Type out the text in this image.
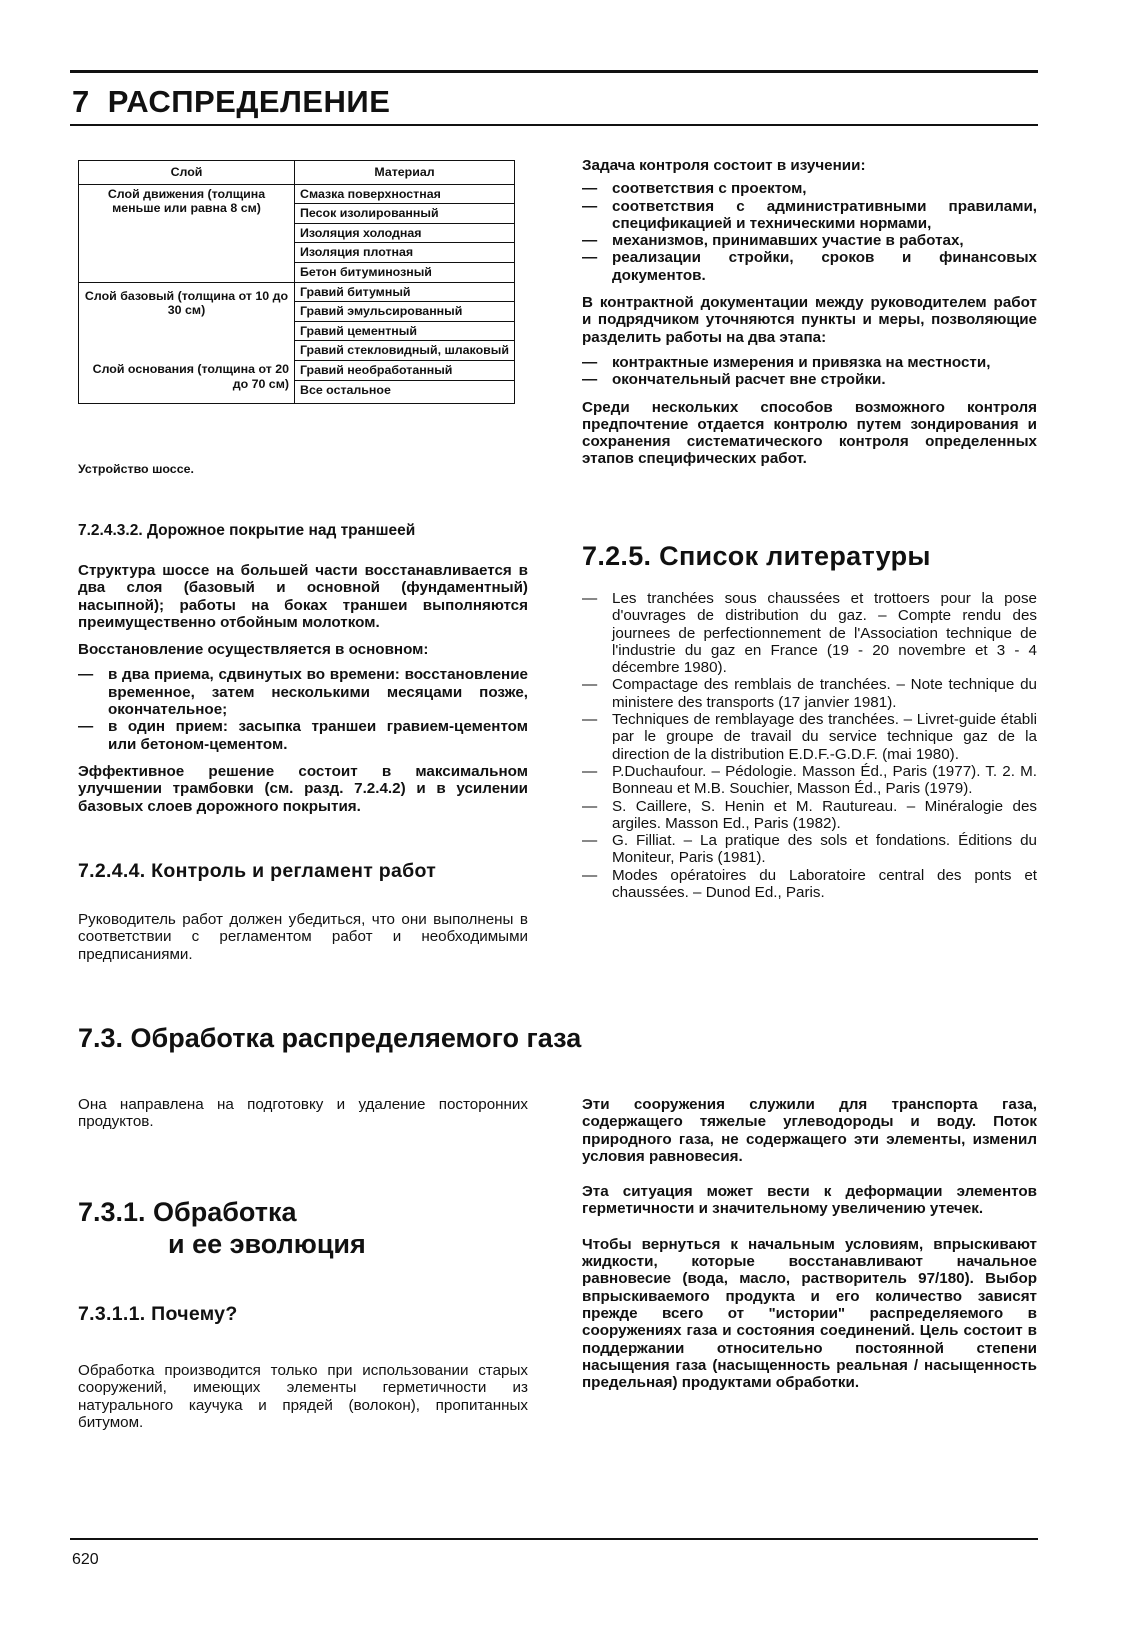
7 РАСПРЕДЕЛЕНИЕ
Слой	Материал
Слой движения (толщина меньше или равна 8 см)	Смазка поверхностная
	Песок изолированный
	Изоляция холодная
	Изоляция плотная
	Бетон битуминозный
Слой базовый (толщина от 10 до 30 см)	Гравий битумный
	Гравий эмульсированный
	Гравий цементный
	Гравий стекловидный, шлаковый
Слой основания (толщина от 20 до 70 см)	Гравий необработанный
	Все остальное
Устройство шоссе.
7.2.4.3.2. Дорожное покрытие над траншеей

Структура шоссе на большей части восстанавливается в два слоя (базовый и основной (фундаментный) насыпной); работы на боках траншеи выполняются преимущественно отбойным молотком.

Восстановление осуществляется в основном:

— в два приема, сдвинутых во времени: восстановление временное, затем несколькими месяцами позже, окончательное;
— в один прием: засыпка траншеи гравием-цементом или бетоном-цементом.

Эффективное решение состоит в максимальном улучшении трамбовки (см. разд. 7.2.4.2) и в усилении базовых слоев дорожного покрытия.

7.2.4.4. Контроль и регламент работ

Руководитель работ должен убедиться, что они выполнены в соответствии с регламентом работ и необходимыми предписаниями.

Задача контроля состоит в изучении:

— соответствия с проектом,
— соответствия с административными правилами, спецификацией и техническими нормами,
— механизмов, принимавших участие в работах,
— реализации стройки, сроков и финансовых документов.

В контрактной документации между руководителем работ и подрядчиком уточняются пункты и меры, позволяющие разделить работы на два этапа:

— контрактные измерения и привязка на местности,
— окончательный расчет вне стройки.

Среди нескольких способов возможного контроля предпочтение отдается контролю путем зондирования и сохранения систематического контроля определенных этапов специфических работ.

7.2.5. Список литературы
— Les tranchées sous chaussées et trottoers pour la pose d'ouvrages de distribution du gaz. – Compte rendu des journees de perfectionnement de l'Association technique de l'industrie du gaz en France (19 - 20 novembre et 3 - 4 décembre 1980).
— Compactage des remblais de tranchées. – Note technique du ministere des transports (17 janvier 1981).
— Techniques de remblayage des tranchées. – Livret-guide établi par le groupe de travail du service technique gaz de la direction de la distribution E.D.F.-G.D.F. (mai 1980).
— P.Duchaufour. – Pédologie. Masson Éd., Paris (1977). T. 2. M. Bonneau et M.B. Souchier, Masson Éd., Paris (1979).
— S. Caillere, S. Henin et M. Rautureau. – Minéralogie des argiles. Masson Ed., Paris (1982).
— G. Filliat. – La pratique des sols et fondations. Éditions du Moniteur, Paris (1981).
— Modes opératoires du Laboratoire central des ponts et chaussées. – Dunod Ed., Paris.
7.3. Обработка распределяемого газа

Она направлена на подготовку и удаление посторонних продуктов.

7.3.1. Обработка
и ее эволюция
7.3.1.1. Почему?

Обработка производится только при использовании старых сооружений, имеющих элементы герметичности из натурального каучука и прядей (волокон), пропитанных битумом.

Эти сооружения служили для транспорта газа, содержащего тяжелые углеводороды и воду. Поток природного газа, не содержащего эти элементы, изменил условия равновесия.

Эта ситуация может вести к деформации элементов герметичности и значительному увеличению утечек.

Чтобы вернуться к начальным условиям, впрыскивают жидкости, которые восстанавливают начальное равновесие (вода, масло, растворитель 97/180). Выбор впрыскиваемого продукта и его количество зависят прежде всего от "истории" распределяемого в сооружениях газа и состояния соединений. Цель состоит в поддержании относительно постоянной степени насыщения газа (насыщенность реальная / насыщенность предельная) продуктами обработки.

620
